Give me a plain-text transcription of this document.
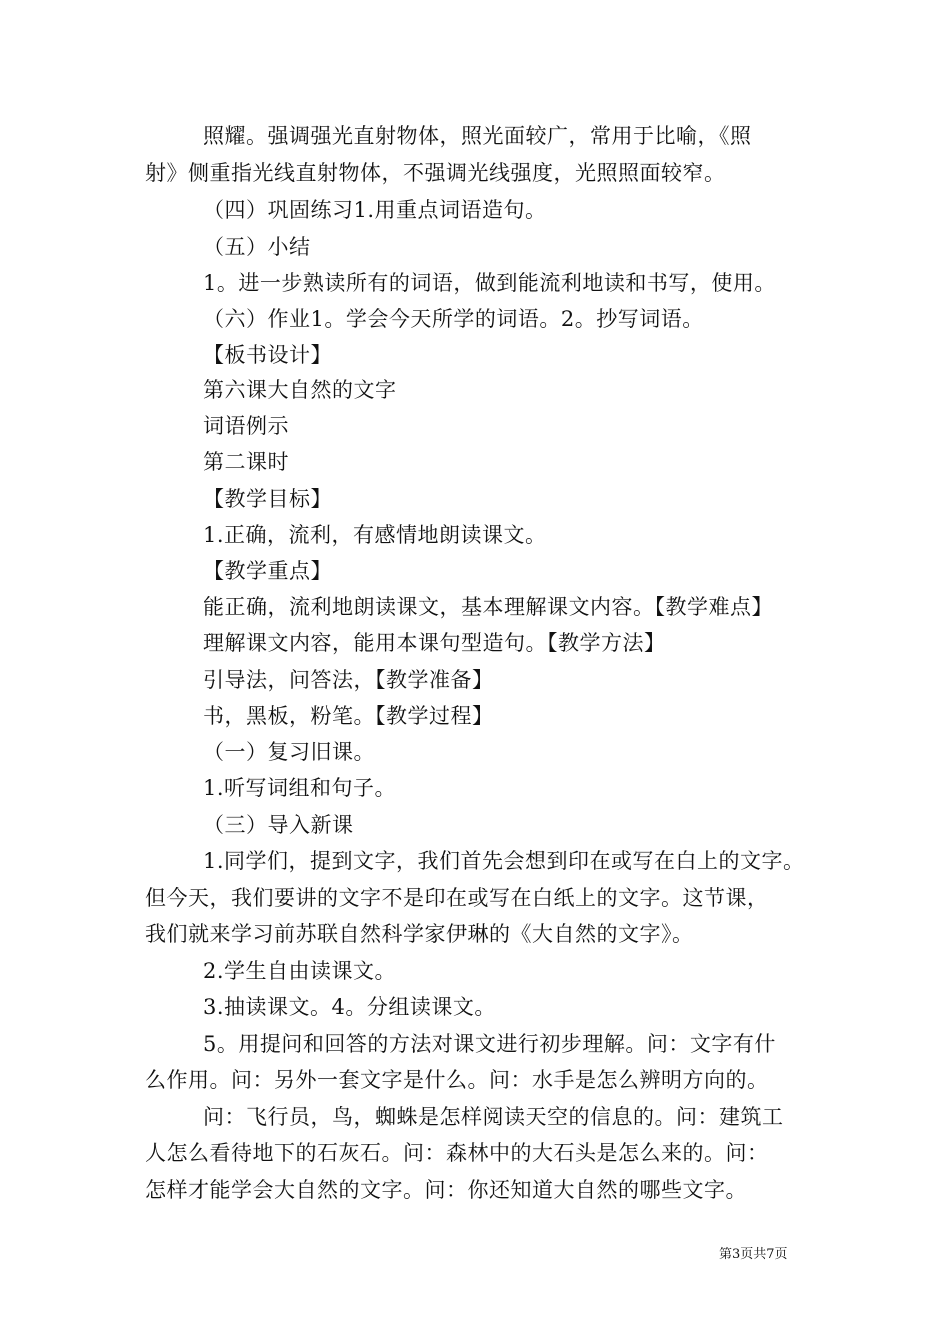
照耀。强调强光直射物体，照光面较广，常用于比喻，《照
射》侧重指光线直射物体，不强调光线强度，光照照面较窄。
（四）巩固练习1.用重点词语造句。
（五）小结
1。进一步熟读所有的词语，做到能流利地读和书写，使用。
（六）作业1。学会今天所学的词语。2。抄写词语。
【板书设计】
第六课大自然的文字
词语例示
第二课时
【教学目标】
1.正确，流利，有感情地朗读课文。
【教学重点】
能正确，流利地朗读课文，基本理解课文内容。【教学难点】
理解课文内容，能用本课句型造句。【教学方法】
引导法，问答法，【教学准备】
书，黑板，粉笔。【教学过程】
（一）复习旧课。
1.听写词组和句子。
（三）导入新课
1.同学们，提到文字，我们首先会想到印在或写在白上的文字。
但今天，我们要讲的文字不是印在或写在白纸上的文字。这节课，
我们就来学习前苏联自然科学家伊琳的《大自然的文字》。
2.学生自由读课文。
3.抽读课文。4。分组读课文。
5。用提问和回答的方法对课文进行初步理解。问：文字有什
么作用。问：另外一套文字是什么。问：水手是怎么辨明方向的。
问：飞行员，鸟，蜘蛛是怎样阅读天空的信息的。问：建筑工
人怎么看待地下的石灰石。问：森林中的大石头是怎么来的。问：
怎样才能学会大自然的文字。问：你还知道大自然的哪些文字。
第3页共7页
